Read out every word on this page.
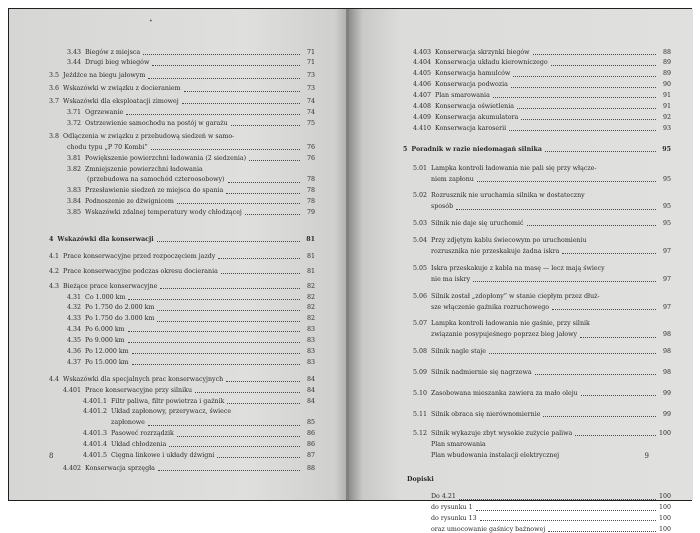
•
3.43 Biegów z miejsca	71
3.44 Drugi bieg wbiegów	71
3.5 Jeźdźce na biegu jałowym	73
3.6 Wskazówki w związku z docieraniem	73
3.7 Wskazówki dla eksploatacji zimowej	74
3.71 Ogrzewanie	74
3.72 Ostrzewienie samochodu na postój w garażu	75
3.8 Odlączenia w związku z przebudową siedzeń w samo-
chodu typu „P 70 Kombi”	76
3.81 Powiększenie powierzchni ładowania (2 siedzenia)	76
3.82 Zmniejszenie powierzchni ładowania
(przebudowa na samochód czteroosobowy)	78
3.83 Przesławienie siedzeń ze miejsca do spania	78
3.84 Podnoszenie ze dźwignicem	78
3.85 Wskazówki zdalnej temperatury wody chłodzącej	79
4 Wskazówki dla konserwacji	81
4.1 Prace konserwacyjne przed rozpoczęciem jazdy	81
4.2 Prace konserwacyjne podczas okresu docierania	81
4.3 Bieżące prace konserwacyjne	82
4.31 Co 1.000 km	82
4.32 Po 1.750 do 2.000 km	82
4.33 Po 1.750 do 3.000 km	82
4.34 Po 6.000 km	83
4.35 Po 9.000 km	83
4.36 Po 12.000 km	83
4.37 Po 15.000 km	83
4.4 Wskazówki dla specjalnych prac konserwacyjnych	84
4.401 Prace konserwacyjne przy silniku	84
4.401.1 Filtr paliwa, filtr powietrza i gaźnik	84
4.401.2 Układ zapłonowy, przerywacz, świece
zapłonowe	85
4.401.3 Pasoweć rozrządzik	86
4.401.4 Układ chłodzenia	86
4.401.5 Cięgna linkowe i układy dźwigni	87
4.402 Konserwacja sprzęgła	88
8
4.403 Konserwacja skrzynki biegów	88
4.404 Konserwacja układu kierowniczego	89
4.405 Konserwacja hamulców	89
4.406 Konserwacja podwozia	90
4.407 Plan smarowania	91
4.408 Konserwacja oświetlenia	91
4.409 Konserwacja akumulatora	92
4.410 Konserwacja karoserii	93
5 Poradnik w razie niedomagań silnika	95
5.01 Lampka kontroli ładowania nie pali się przy włącze-
niem zapłonu	95
5.02 Rozrusznik nie uruchamia silnika w dostateczny
sposób	95
5.03 Silnik nie daje się uruchomić	95
5.04 Przy zdjętym kablu świecowym po uruchomieniu
rozrusznika nie przeskakuje żadna iskra	97
5.05 Iskra przeskakuje z kabla na masę — lecz mają świecy
nie ma iskry	97
5.06 Silnik został „zdopłony” w stanie ciepłym przez dłuż-
sze włączenie gaźnika rozruchowego	97
5.07 Lampka kontroli ładowania nie gaśnie, przy silnik
związanie posypujeśnego poprzez bieg jałowy	98
5.08 Silnik nagle staje	98
5.09 Silnik nadmiernie się nagrzewa	98
5.10 Zasobowana mieszanka zawiera za mało oleju	99
5.11 Silnik obraca się nierównomiernie	99
5.12 Silnik wykazuje zbyt wysokie zużycie paliwa	100
Plan smarowania
Plan wbudowania instalacji elektrycznej
Dopiski
Do 4.21	100
do rysunku 1	100
do rysunku 13	100
oraz umocowanie gaśnicy baźnowej	100
9
